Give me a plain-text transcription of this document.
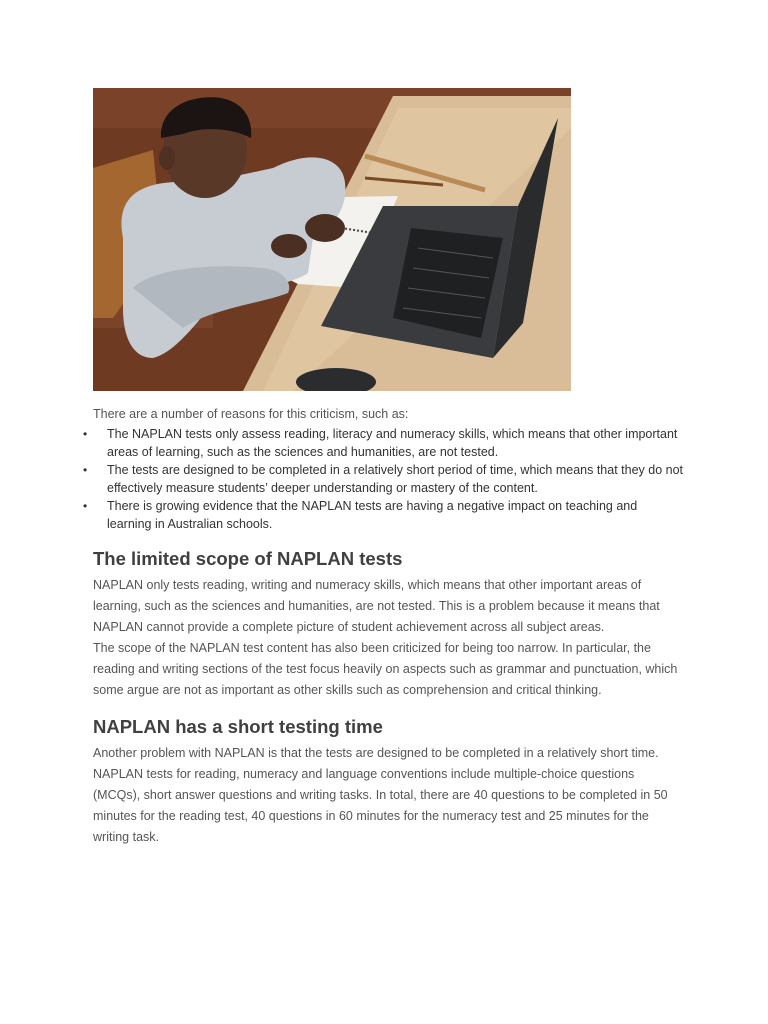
There are a number of reasons for this criticism, such as:

•	The NAPLAN tests only assess reading, literacy and numeracy skills, which means that other important areas of learning, such as the sciences and humanities, are not tested.
•	The tests are designed to be completed in a relatively short period of time, which means that they do not effectively measure students’ deeper understanding or mastery of the content.
•	There is growing evidence that the NAPLAN tests are having a negative impact on teaching and learning in Australian schools.
The limited scope of NAPLAN tests

NAPLAN only tests reading, writing and numeracy skills, which means that other important areas of learning, such as the sciences and humanities, are not tested. This is a problem because it means that NAPLAN cannot provide a complete picture of student achievement across all subject areas.

The scope of the NAPLAN test content has also been criticized for being too narrow. In particular, the reading and writing sections of the test focus heavily on aspects such as grammar and punctuation, which some argue are not as important as other skills such as comprehension and critical thinking.

NAPLAN has a short testing time

Another problem with NAPLAN is that the tests are designed to be completed in a relatively short time.

NAPLAN tests for reading, numeracy and language conventions include multiple-choice questions (MCQs), short answer questions and writing tasks. In total, there are 40 questions to be completed in 50 minutes for the reading test, 40 questions in 60 minutes for the numeracy test and 25 minutes for the writing task.
